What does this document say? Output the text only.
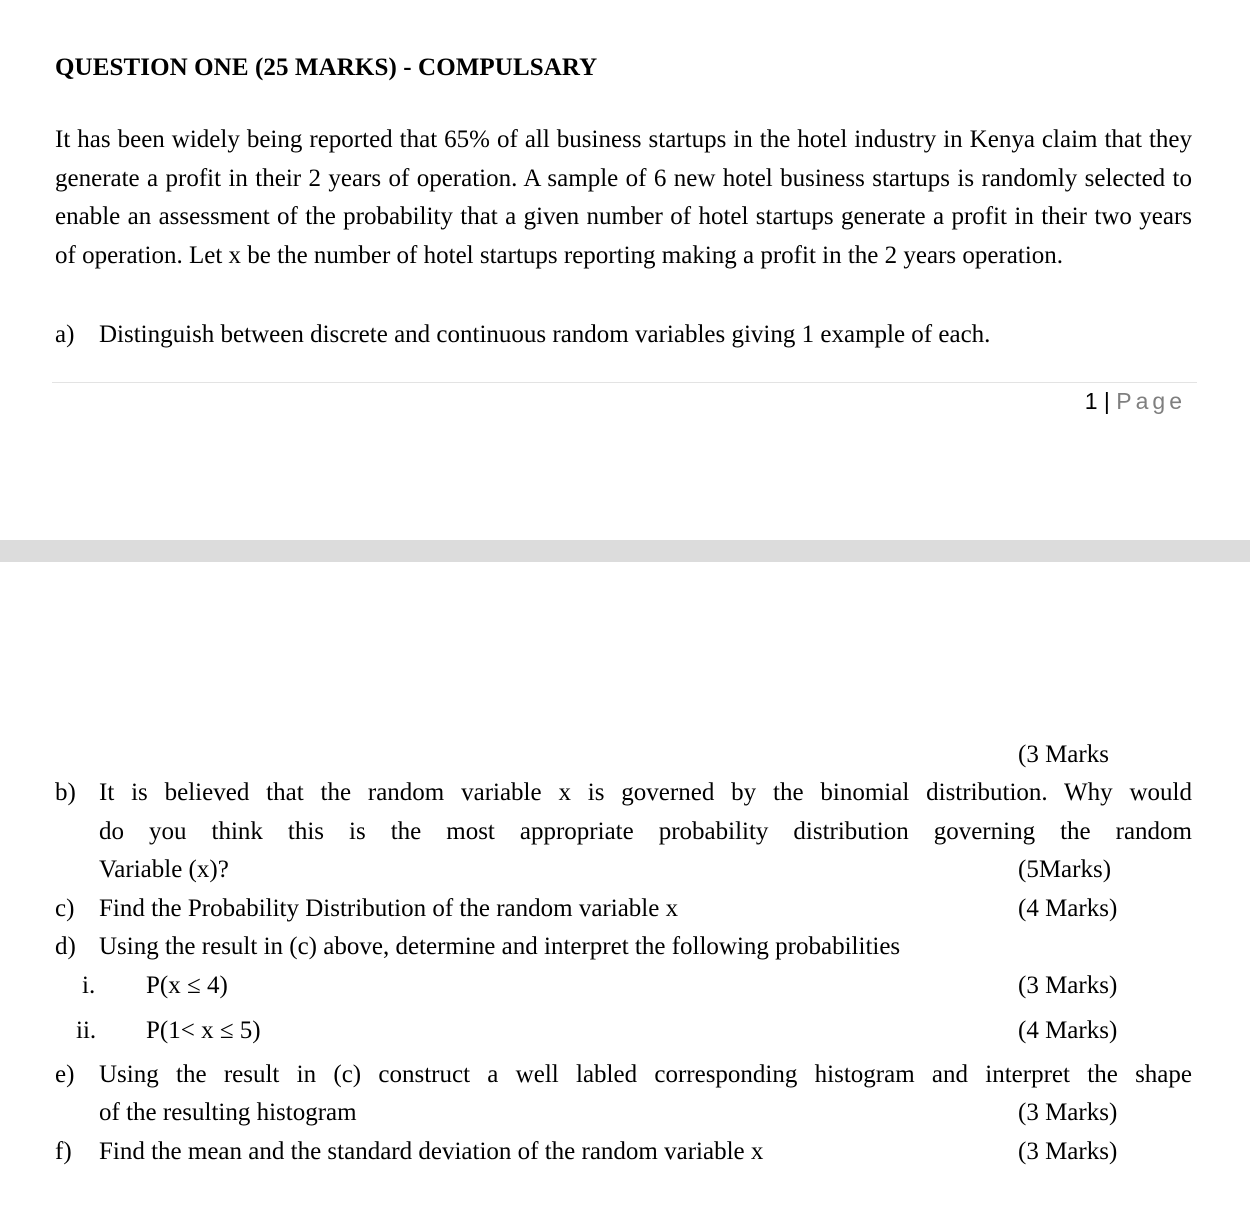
QUESTION ONE (25 MARKS) - COMPULSARY
It has been widely being reported that 65% of all business startups in the hotel industry in Kenya claim that they generate a profit in their 2 years of operation. A sample of 6 new hotel business startups is randomly selected to enable an assessment of the probability that a given number of hotel startups generate a profit in their two years of operation. Let x be the number of hotel startups reporting making a profit in the 2 years operation.
a) Distinguish between discrete and continuous random variables giving 1 example of each.
1 | Page
(3 Marks
b) It is believed that the random variable x is governed by the binomial distribution. Why would
do you think this is the most appropriate probability distribution governing the random
Variable (x)?	(5Marks)
c) Find the Probability Distribution of the random variable x	(4 Marks)
d) Using the result in (c) above, determine and interpret the following probabilities
i. P(x ≤ 4)	(3 Marks)
ii. P(1< x ≤ 5)	(4 Marks)
e) Using the result in (c) construct a well labled corresponding histogram and interpret the shape
of the resulting histogram	(3 Marks)
f) Find the mean and the standard deviation of the random variable x	(3 Marks)
